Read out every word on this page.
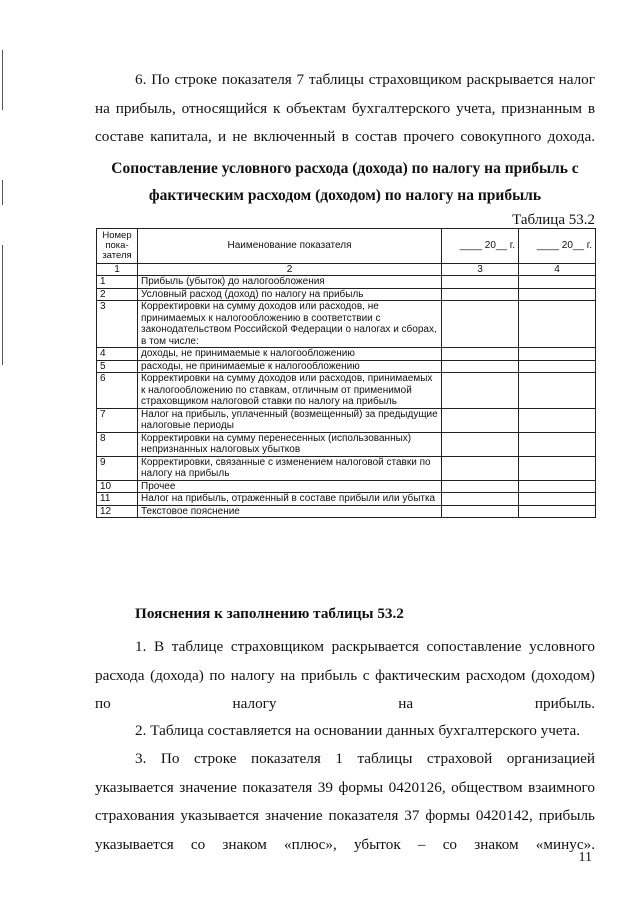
6. По строке показателя 7 таблицы страховщиком раскрывается налог на прибыль, относящийся к объектам бухгалтерского учета, признанным в составе капитала, и не включенный в состав прочего совокупного дохода.

Сопоставление условного расхода (дохода) по налогу на прибыль с
фактическим расходом (доходом) по налогу на прибыль
Таблица 53.2
Номер пока- зателя	Наименование показателя	____ 20__ г.	____ 20__ г.
1	2	3	4
1	Прибыль (убыток) до налогообложения		
2	Условный расход (доход) по налогу на прибыль		
3	Корректировки на сумму доходов или расходов, не принимаемых к налогообложению в соответствии с законодательством Российской Федерации о налогах и сборах, в том числе:		
4	доходы, не принимаемые к налогообложению		
5	расходы, не принимаемые к налогообложению		
6	Корректировки на сумму доходов или расходов, принимаемых к налогообложению по ставкам, отличным от применимой страховщиком налоговой ставки по налогу на прибыль		
7	Налог на прибыль, уплаченный (возмещенный) за предыдущие налоговые периоды		
8	Корректировки на сумму перенесенных (использованных) непризнанных налоговых убытков		
9	Корректировки, связанные с изменением налоговой ставки по налогу на прибыль		
10	Прочее		
11	Налог на прибыль, отраженный в составе прибыли или убытка		
12	Текстовое пояснение		
Пояснения к заполнению таблицы 53.2

1. В таблице страховщиком раскрывается сопоставление условного расхода (дохода) по налогу на прибыль с фактическим расходом (доходом) по налогу на прибыль.

2. Таблица составляется на основании данных бухгалтерского учета.

3. По строке показателя 1 таблицы страховой организацией указывается значение показателя 39 формы 0420126, обществом взаимного страхования указывается значение показателя 37 формы 0420142, прибыль указывается со знаком «плюс», убыток – со знаком «минус».

11
